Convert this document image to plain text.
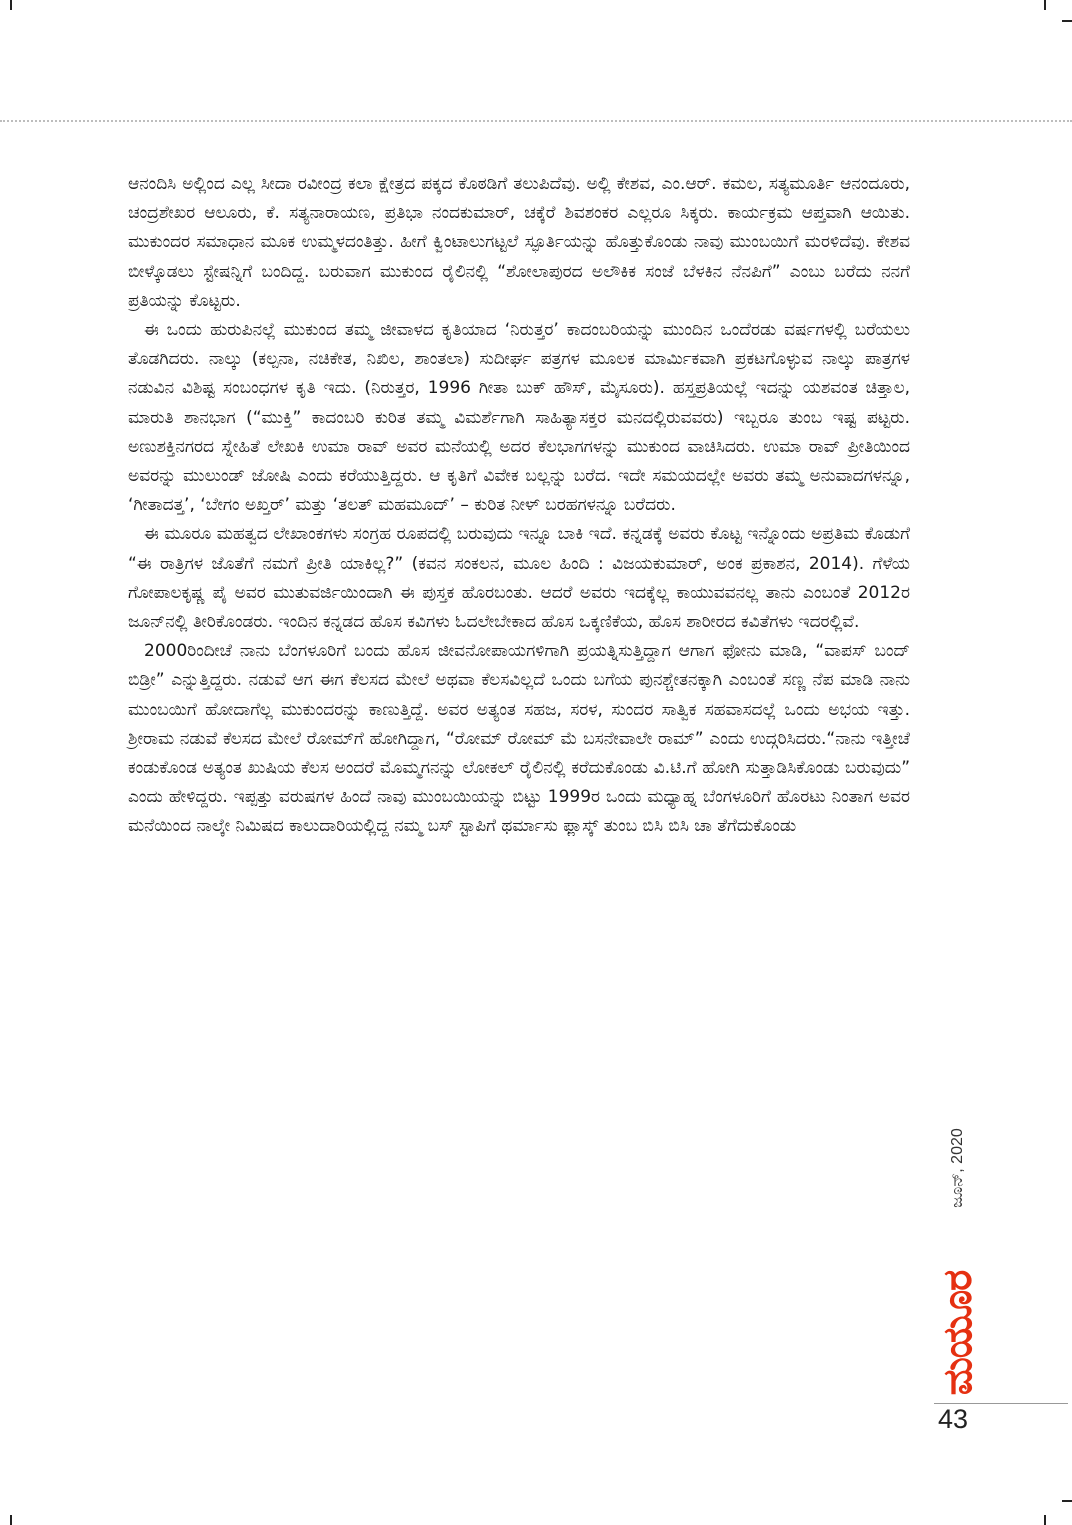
ಆನಂದಿಸಿ ಅಲ್ಲಿಂದ ಎಲ್ಲ ಸೀದಾ ರವೀಂದ್ರ ಕಲಾ ಕ್ಷೇತ್ರದ ಪಕ್ಕದ ಕೊಠಡಿಗೆ ತಲುಪಿದೆವು. ಅಲ್ಲಿ ಕೇಶವ, ಎಂ.ಆರ್. ಕಮಲ, ಸತ್ಯಮೂರ್ತಿ ಆನಂದೂರು, ಚಂದ್ರಶೇಖರ ಆಲೂರು, ಕೆ. ಸತ್ಯನಾರಾಯಣ, ಪ್ರತಿಭಾ ನಂದಕುಮಾರ್, ಚಕ್ಕೆರೆ ಶಿವಶಂಕರ ಎಲ್ಲರೂ ಸಿಕ್ಕರು. ಕಾರ್ಯಕ್ರಮ ಆಪ್ತವಾಗಿ ಆಯಿತು. ಮುಕುಂದರ ಸಮಾಧಾನ ಮೂಕ ಉಮ್ಮಳದಂತಿತ್ತು. ಹೀಗೆ ಕ್ವಿಂಟಾಲುಗಟ್ಟಲೆ ಸ್ಫೂರ್ತಿಯನ್ನು ಹೊತ್ತುಕೊಂಡು ನಾವು ಮುಂಬಯಿಗೆ ಮರಳಿದೆವು. ಕೇಶವ ಬೀಳ್ಕೊಡಲು ಸ್ಟೇಷನ್ನಿಗೆ ಬಂದಿದ್ದ. ಬರುವಾಗ ಮುಕುಂದ ರೈಲಿನಲ್ಲಿ “ಶೋಲಾಪುರದ ಅಲೌಕಿಕ ಸಂಜೆ ಬೆಳಕಿನ ನೆನಪಿಗೆ” ಎಂಬು ಬರೆದು ನನಗೆ ಪ್ರತಿಯನ್ನು ಕೊಟ್ಟರು.

ಈ ಒಂದು ಹುರುಪಿನಲ್ಲೆ ಮುಕುಂದ ತಮ್ಮ ಜೀವಾಳದ ಕೃತಿಯಾದ ‘ನಿರುತ್ತರ’ ಕಾದಂಬರಿಯನ್ನು ಮುಂದಿನ ಒಂದೆರಡು ವರ್ಷಗಳಲ್ಲಿ ಬರೆಯಲು ತೊಡಗಿದರು. ನಾಲ್ಕು (ಕಲ್ಪನಾ, ನಚಿಕೇತ, ನಿಖಿಲ, ಶಾಂತಲಾ) ಸುದೀರ್ಘ ಪತ್ರಗಳ ಮೂಲಕ ಮಾರ್ಮಿಕವಾಗಿ ಪ್ರಕಟಗೊಳ್ಳುವ ನಾಲ್ಕು ಪಾತ್ರಗಳ ನಡುವಿನ ವಿಶಿಷ್ಟ ಸಂಬಂಧಗಳ ಕೃತಿ ಇದು. (ನಿರುತ್ತರ, 1996 ಗೀತಾ ಬುಕ್ ಹೌಸ್, ಮೈಸೂರು). ಹಸ್ತಪ್ರತಿಯಲ್ಲೆ ಇದನ್ನು ಯಶವಂತ ಚಿತ್ತಾಲ, ಮಾರುತಿ ಶಾನಭಾಗ (“ಮುಕ್ತಿ” ಕಾದಂಬರಿ ಕುರಿತ ತಮ್ಮ ವಿಮರ್ಶೆಗಾಗಿ ಸಾಹಿತ್ಯಾಸಕ್ತರ ಮನದಲ್ಲಿರುವವರು) ಇಬ್ಬರೂ ತುಂಬ ಇಷ್ಟ ಪಟ್ಟರು. ಅಣುಶಕ್ತಿನಗರದ ಸ್ನೇಹಿತೆ ಲೇಖಕಿ ಉಮಾ ರಾವ್ ಅವರ ಮನೆಯಲ್ಲಿ ಅದರ ಕೆಲಭಾಗಗಳನ್ನು ಮುಕುಂದ ವಾಚಿಸಿದರು. ಉಮಾ ರಾವ್ ಪ್ರೀತಿಯಿಂದ ಅವರನ್ನು ಮುಲುಂಡ್ ಜೋಷಿ ಎಂದು ಕರೆಯುತ್ತಿದ್ದರು. ಆ ಕೃತಿಗೆ ವಿವೇಕ ಬಲ್ಲನ್ನು ಬರೆದ. ಇದೇ ಸಮಯದಲ್ಲೇ ಅವರು ತಮ್ಮ ಅನುವಾದಗಳನ್ನೂ, ‘ಗೀತಾದತ್ತ’, ‘ಬೇಗಂ ಅಖ್ತರ್’ ಮತ್ತು ‘ತಲತ್ ಮಹಮೂದ್’ – ಕುರಿತ ನೀಳ್ ಬರಹಗಳನ್ನೂ ಬರೆದರು.

ಈ ಮೂರೂ ಮಹತ್ವದ ಲೇಖಾಂಕಗಳು ಸಂಗ್ರಹ ರೂಪದಲ್ಲಿ ಬರುವುದು ಇನ್ನೂ ಬಾಕಿ ಇದೆ. ಕನ್ನಡಕ್ಕೆ ಅವರು ಕೊಟ್ಟ ಇನ್ನೊಂದು ಅಪ್ರತಿಮ ಕೊಡುಗೆ “ಈ ರಾತ್ರಿಗಳ ಜೊತೆಗೆ ನಮಗೆ ಪ್ರೀತಿ ಯಾಕಿಲ್ಲ?” (ಕವನ ಸಂಕಲನ, ಮೂಲ ಹಿಂದಿ : ವಿಜಯಕುಮಾರ್, ಅಂಕ ಪ್ರಕಾಶನ, 2014). ಗೆಳೆಯ ಗೋಪಾಲಕೃಷ್ಣ ಪೈ ಅವರ ಮುತುವರ್ಜಿಯಿಂದಾಗಿ ಈ ಪುಸ್ತಕ ಹೊರಬಂತು. ಆದರೆ ಅವರು ಇದಕ್ಕೆಲ್ಲ ಕಾಯುವವನಲ್ಲ ತಾನು ಎಂಬಂತೆ 2012ರ ಜೂನ್‌ನಲ್ಲಿ ತೀರಿಕೊಂಡರು. ಇಂದಿನ ಕನ್ನಡದ ಹೊಸ ಕವಿಗಳು ಓದಲೇಬೇಕಾದ ಹೊಸ ಒಕ್ಕಣಿಕೆಯ, ಹೊಸ ಶಾರೀರದ ಕವಿತೆಗಳು ಇದರಲ್ಲಿವೆ.

2000ರಿಂದೀಚೆ ನಾನು ಬೆಂಗಳೂರಿಗೆ ಬಂದು ಹೊಸ ಜೀವನೋಪಾಯಗಳಿಗಾಗಿ ಪ್ರಯತ್ನಿಸುತ್ತಿದ್ದಾಗ ಆಗಾಗ ಫೋನು ಮಾಡಿ, “ವಾಪಸ್ ಬಂದ್ ಬಿಡ್ರೀ” ಎನ್ನುತ್ತಿದ್ದರು. ನಡುವೆ ಆಗ ಈಗ ಕೆಲಸದ ಮೇಲೆ ಅಥವಾ ಕೆಲಸವಿಲ್ಲದೆ ಒಂದು ಬಗೆಯ ಪುನಶ್ಚೇತನಕ್ಕಾಗಿ ಎಂಬಂತೆ ಸಣ್ಣ ನೆಪ ಮಾಡಿ ನಾನು ಮುಂಬಯಿಗೆ ಹೋದಾಗೆಲ್ಲ ಮುಕುಂದರನ್ನು ಕಾಣುತ್ತಿದ್ದೆ. ಅವರ ಅತ್ಯಂತ ಸಹಜ, ಸರಳ, ಸುಂದರ ಸಾತ್ವಿಕ ಸಹವಾಸದಲ್ಲೆ ಒಂದು ಅಭಯ ಇತ್ತು. ಶ್ರೀರಾಮ ನಡುವೆ ಕೆಲಸದ ಮೇಲೆ ರೋಮ್‌ಗೆ ಹೋಗಿದ್ದಾಗ, “ರೋಮ್ ರೋಮ್ ಮೆ ಬಸನೇವಾಲೇ ರಾಮ್” ಎಂದು ಉದ್ಗರಿಸಿದರು.“ನಾನು ಇತ್ತೀಚೆ ಕಂಡುಕೊಂಡ ಅತ್ಯಂತ ಖುಷಿಯ ಕೆಲಸ ಅಂದರೆ ಮೊಮ್ಮಗನನ್ನು ಲೋಕಲ್ ರೈಲಿನಲ್ಲಿ ಕರೆದುಕೊಂಡು ವಿ.ಟಿ.ಗೆ ಹೋಗಿ ಸುತ್ತಾಡಿಸಿಕೊಂಡು ಬರುವುದು” ಎಂದು ಹೇಳಿದ್ದರು. ಇಪ್ಪತ್ತು ವರುಷಗಳ ಹಿಂದೆ ನಾವು ಮುಂಬಯಿಯನ್ನು ಬಿಟ್ಟು 1999ರ ಒಂದು ಮಧ್ಯಾಹ್ನ ಬೆಂಗಳೂರಿಗೆ ಹೊರಟು ನಿಂತಾಗ ಅವರ ಮನೆಯಿಂದ ನಾಲ್ಕೇ ನಿಮಿಷದ ಕಾಲುದಾರಿಯಲ್ಲಿದ್ದ ನಮ್ಮ ಬಸ್ ಸ್ಟಾಪಿಗೆ ಥರ್ಮಾಸು ಫ್ಲಾಸ್ಕ್ ತುಂಬ ಬಿಸಿ ಬಿಸಿ ಚಾ ತೆಗೆದುಕೊಂಡು

ಜೂನ್, 2020
ಮಯೂರ
43
